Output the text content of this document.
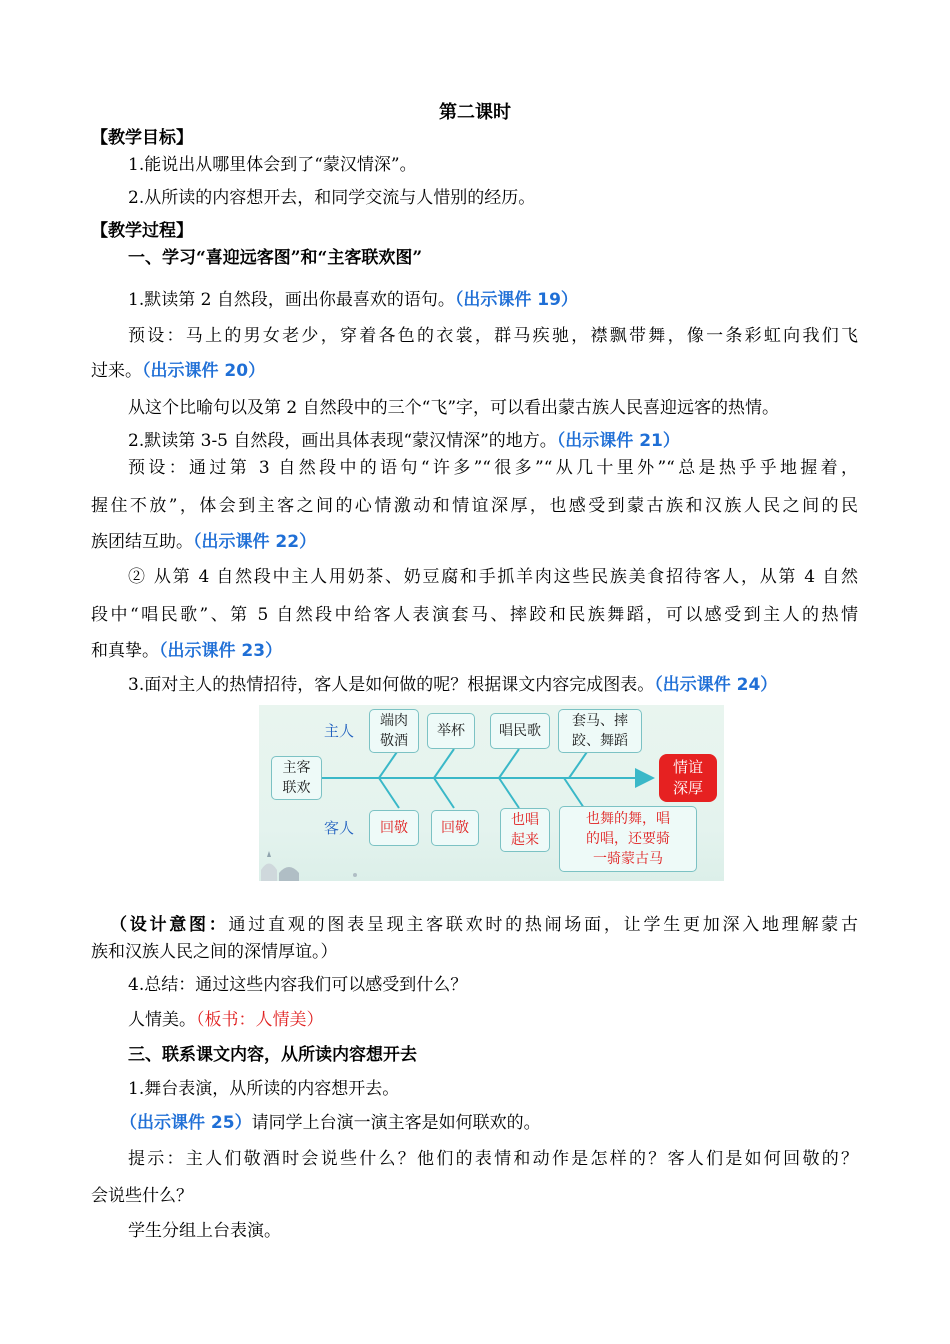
第二课时
【教学目标】
1.能说出从哪里体会到了“蒙汉情深”。
2.从所读的内容想开去，和同学交流与人惜别的经历。
【教学过程】
一、学习“喜迎远客图”和“主客联欢图”
1.默读第 2 自然段，画出你最喜欢的语句。（出示课件 19）
预设：马上的男女老少，穿着各色的衣裳，群马疾驰，襟飘带舞，像一条彩虹向我们飞
过来。（出示课件 20）
从这个比喻句以及第 2 自然段中的三个“飞”字，可以看出蒙古族人民喜迎远客的热情。
2.默读第 3-5 自然段，画出具体表现“蒙汉情深”的地方。（出示课件 21）
预设：通过第 3 自然段中的语句“许多”“很多”“从几十里外”“总是热乎乎地握着，
握住不放”，体会到主客之间的心情激动和情谊深厚，也感受到蒙古族和汉族人民之间的民
族团结互助。（出示课件 22）
② 从第 4 自然段中主人用奶茶、奶豆腐和手抓羊肉这些民族美食招待客人，从第 4 自然
段中“唱民歌”、第 5 自然段中给客人表演套马、摔跤和民族舞蹈，可以感受到主人的热情
和真挚。（出示课件 23）
3.面对主人的热情招待，客人是如何做的呢？根据课文内容完成图表。（出示课件 24）
主人
客人
主客
联欢
情谊
深厚
端肉
敬酒
举杯	唱民歌
套马、摔
跤、舞蹈
回敬	回敬	也唱
起来
也舞的舞，唱
的唱，还要骑
一骑蒙古马
（设计意图：通过直观的图表呈现主客联欢时的热闹场面，让学生更加深入地理解蒙古
族和汉族人民之间的深情厚谊。）
4.总结：通过这些内容我们可以感受到什么？
人情美。（板书：人情美）
三、联系课文内容，从所读内容想开去
1.舞台表演，从所读的内容想开去。
（出示课件 25）请同学上台演一演主客是如何联欢的。
提示：主人们敬酒时会说些什么？他们的表情和动作是怎样的？客人们是如何回敬的？
会说些什么？
学生分组上台表演。
